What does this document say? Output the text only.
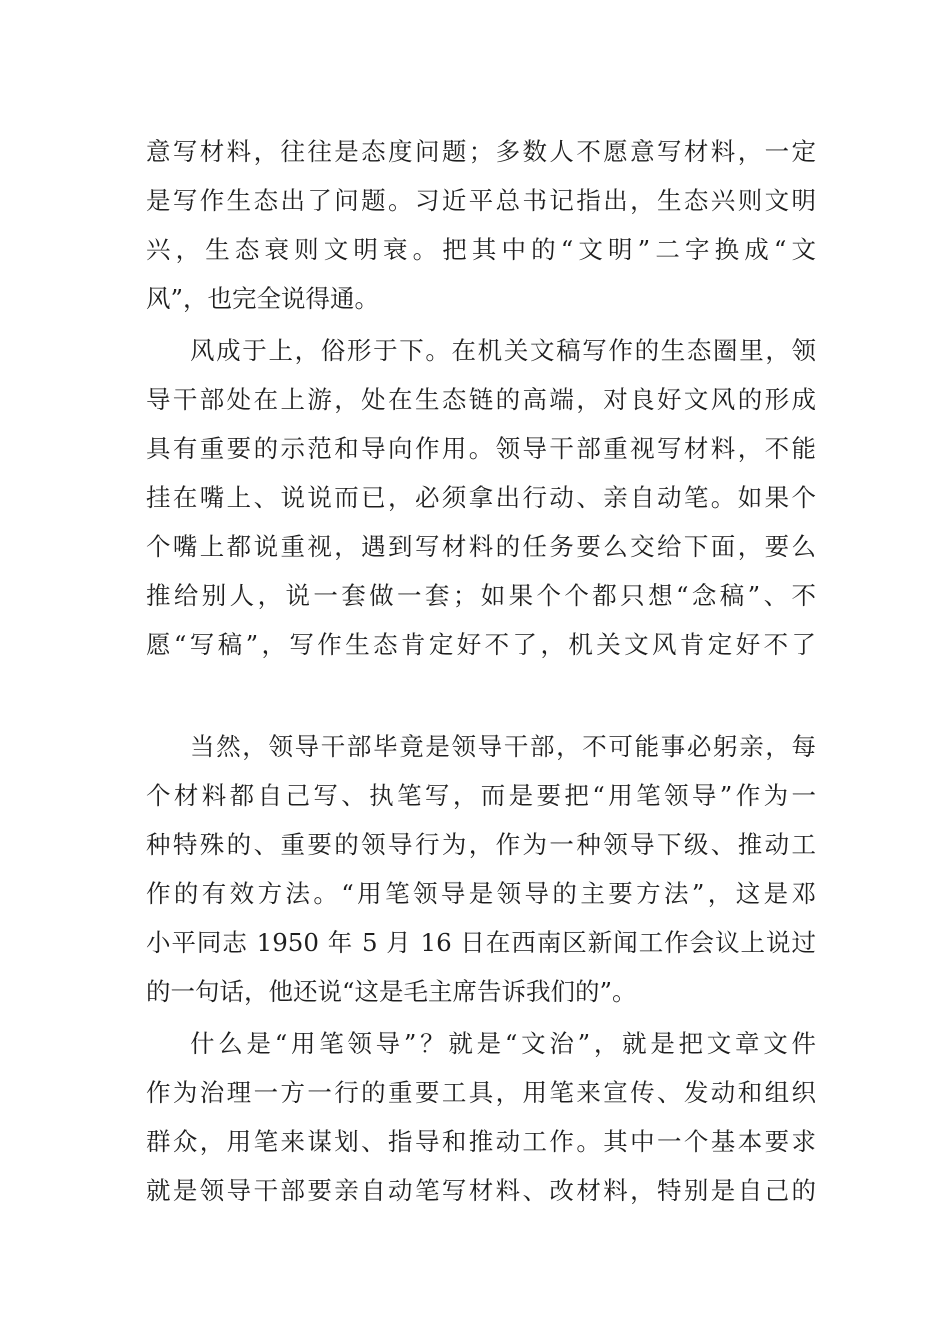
意写材料，往往是态度问题；多数人不愿意写材料，一定
是写作生态出了问题。习近平总书记指出，生态兴则文明
兴，生态衰则文明衰。把其中的“文明”二字换成“文
风”，也完全说得通。
风成于上，俗形于下。在机关文稿写作的生态圈里，领
导干部处在上游，处在生态链的高端，对良好文风的形成
具有重要的示范和导向作用。领导干部重视写材料，不能
挂在嘴上、说说而已，必须拿出行动、亲自动笔。如果个
个嘴上都说重视，遇到写材料的任务要么交给下面，要么
推给别人，说一套做一套；如果个个都只想“念稿”、不
愿“写稿”，写作生态肯定好不了，机关文风肯定好不了
当然，领导干部毕竟是领导干部，不可能事必躬亲，每
个材料都自己写、执笔写，而是要把“用笔领导”作为一
种特殊的、重要的领导行为，作为一种领导下级、推动工
作的有效方法。“用笔领导是领导的主要方法”，这是邓
小平同志 1950 年 5 月 16 日在西南区新闻工作会议上说过
的一句话，他还说“这是毛主席告诉我们的”。
什么是“用笔领导”？就是“文治”，就是把文章文件
作为治理一方一行的重要工具，用笔来宣传、发动和组织
群众，用笔来谋划、指导和推动工作。其中一个基本要求
就是领导干部要亲自动笔写材料、改材料，特别是自己的
